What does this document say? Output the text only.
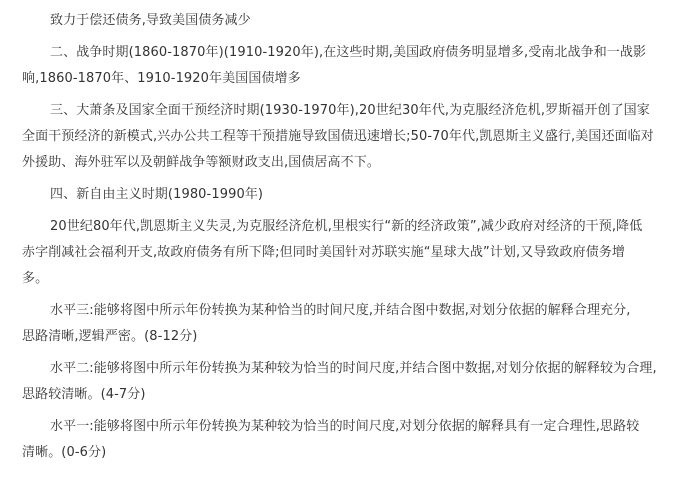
致力于偿还债务,导致美国债务减少
二、战争时期(1860-1870年)(1910-1920年),在这些时期,美国政府债务明显增多,受南北战争和一战影
响,1860-1870年、1910-1920年美国国债增多
三、大萧条及国家全面干预经济时期(1930-1970年),20世纪30年代,为克服经济危机,罗斯福开创了国家
全面干预经济的新模式,兴办公共工程等干预措施导致国债迅速增长;50-70年代,凯恩斯主义盛行,美国还面临对
外援助、海外驻军以及朝鲜战争等额财政支出,国债居高不下。
四、新自由主义时期(1980-1990年)
20世纪80年代,凯恩斯主义失灵,为克服经济危机,里根实行“新的经济政策”,减少政府对经济的干预,降低
赤字削减社会福利开支,故政府债务有所下降;但同时美国针对苏联实施“星球大战”计划,又导致政府债务增
多。
水平三:能够将图中所示年份转换为某种恰当的时间尺度,并结合图中数据,对划分依据的解释合理充分,
思路清晰,逻辑严密。(8-12分)
水平二:能够将图中所示年份转换为某种较为恰当的时间尺度,并结合图中数据,对划分依据的解释较为合理,
思路较清晰。(4-7分)
水平一:能够将图中所示年份转换为某种较为恰当的时间尺度,对划分依据的解释具有一定合理性,思路较
清晰。(0-6分)
